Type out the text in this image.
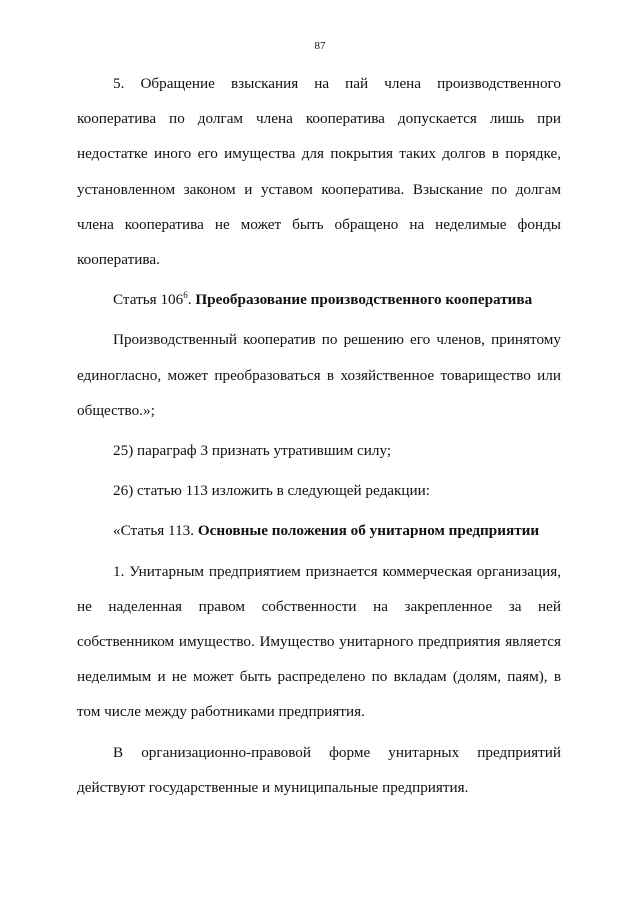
87

5. Обращение взыскания на пай члена производственного кооператива по долгам члена кооператива допускается лишь при недостатке иного его имущества для покрытия таких долгов в порядке, установленном законом и уставом кооператива. Взыскание по долгам члена кооператива не может быть обращено на неделимые фонды кооператива.

Статья $106^6$. Преобразование производственного кооператива

Производственный кооператив по решению его членов, принятому единогласно, может преобразоваться в хозяйственное товарищество или общество.»;

25) параграф 3 признать утратившим силу;

26) статью 113 изложить в следующей редакции:

«Статья 113. Основные положения об унитарном предприятии

1. Унитарным предприятием признается коммерческая организация, не наделенная правом собственности на закрепленное за ней собственником имущество. Имущество унитарного предприятия является неделимым и не может быть распределено по вкладам (долям, паям), в том числе между работниками предприятия.

В организационно-правовой форме унитарных предприятий действуют государственные и муниципальные предприятия.
